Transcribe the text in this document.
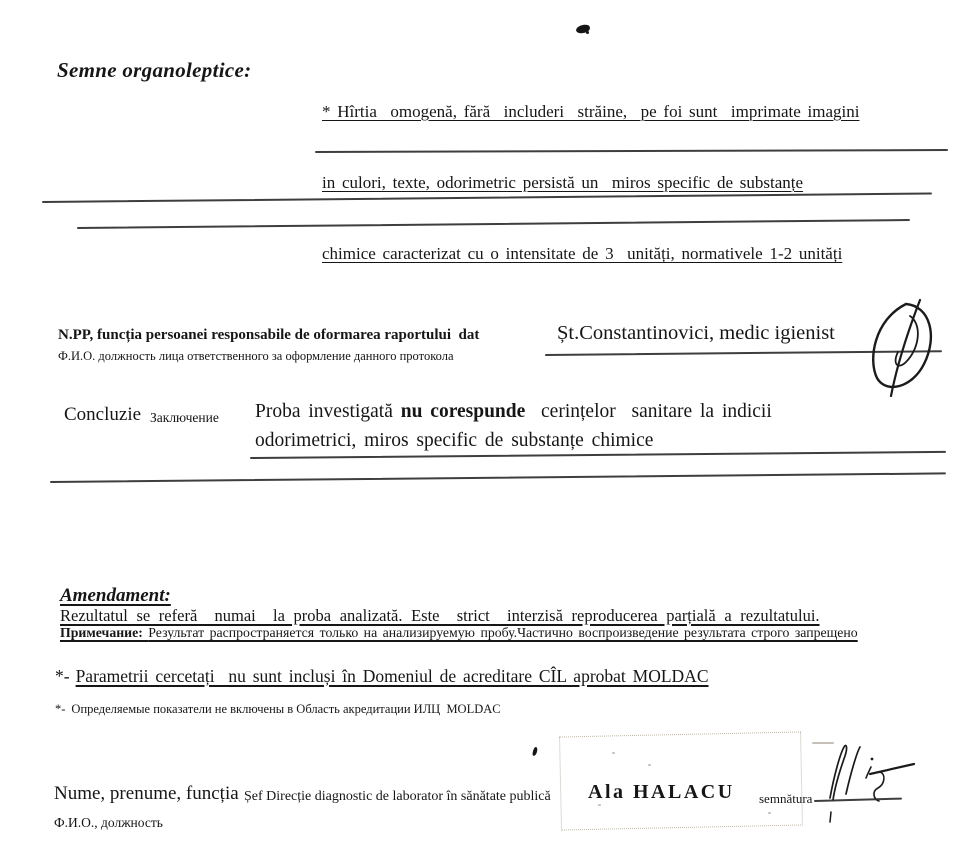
Semne organoleptice:

* Hîrtia  omogenă, fără  includeri  străine,  pe foi sunt  imprimate imagini

in culori, texte, odorimetric persistă un  miros specific de substanțe

chimice caracterizat cu o intensitate de 3  unități, normativele 1-2 unități

N.PP, funcția persoanei responsabile de oformarea raportului  dat
Ф.И.О. должность лица ответственного за оформление данного протокола
Șt.Constantinovici, medic igienist
Concluzie Заключение Proba investigată nu corespunde  cerințelor  sanitare la indicii
odorimetrici, miros specific de substanțe chimice
Amendament:
Rezultatul se referă  numai  la proba analizată. Este  strict  interzisă reproducerea parțială a rezultatului.
Примечание: Результат распространяется только на анализируемую пробу.Частично воспроизведение результата строго запрещено
*- Parametrii cercetați  nu sunt incluși în Domeniul de acreditare CÎL aprobat MOLDAC
*- Определяемые показатели не включены в Область акредитации ИЛЦ  MOLDAC
Nume, prenume, funcția Șef Direcție diagnostic de laborator în sănătate publică Ala HALACU semnătura
Ф.И.О., должность
